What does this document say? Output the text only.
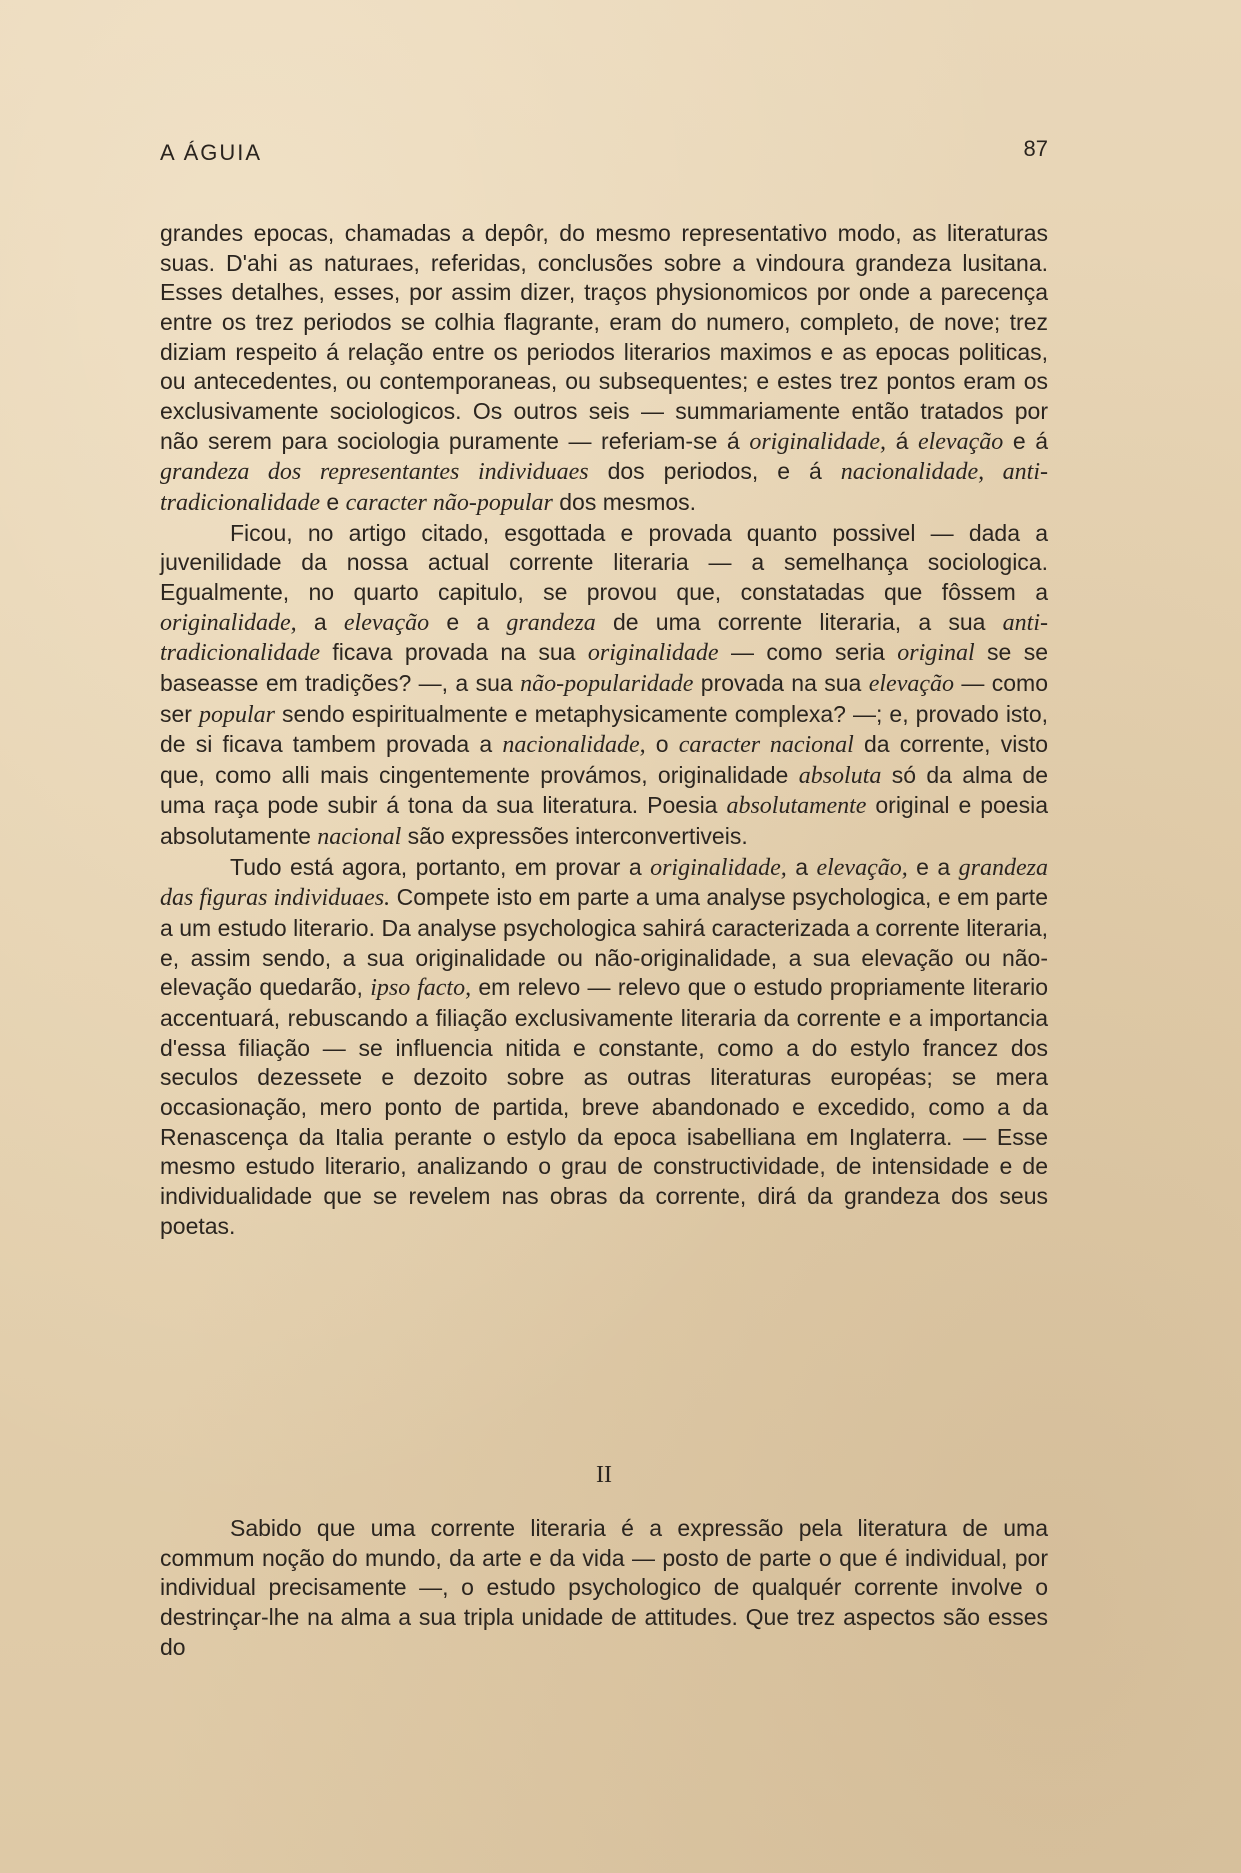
A ÁGUIA	87

grandes epocas, chamadas a depôr, do mesmo representativo modo, as literaturas suas. D'ahi as naturaes, referidas, conclusões sobre a vindoura grandeza lusitana. Esses detalhes, esses, por assim dizer, traços physionomicos por onde a parecença entre os trez periodos se colhia flagrante, eram do numero, completo, de nove; trez diziam respeito á relação entre os periodos literarios maximos e as epocas politicas, ou antecedentes, ou contemporaneas, ou subsequentes; e estes trez pontos eram os exclusivamente sociologicos. Os outros seis — summariamente então tratados por não serem para sociologia puramente — referiam-se á originalidade, á elevação e á grandeza dos representantes individuaes dos periodos, e á nacionalidade, anti-tradicionalidade e caracter não-popular dos mesmos.

Ficou, no artigo citado, esgottada e provada quanto possivel — dada a juvenilidade da nossa actual corrente literaria — a semelhança sociologica. Egualmente, no quarto capitulo, se provou que, constatadas que fôssem a originalidade, a elevação e a grandeza de uma corrente literaria, a sua anti-tradicionalidade ficava provada na sua originalidade — como seria original se se baseasse em tradições? —, a sua não-popularidade provada na sua elevação — como ser popular sendo espiritualmente e metaphysicamente complexa? —; e, provado isto, de si ficava tambem provada a nacionalidade, o caracter nacional da corrente, visto que, como alli mais cingentemente provámos, originalidade absoluta só da alma de uma raça pode subir á tona da sua literatura. Poesia absolutamente original e poesia absolutamente nacional são expressões interconvertiveis.

Tudo está agora, portanto, em provar a originalidade, a elevação, e a grandeza das figuras individuaes. Compete isto em parte a uma analyse psychologica, e em parte a um estudo literario. Da analyse psychologica sahirá caracterizada a corrente literaria, e, assim sendo, a sua originalidade ou não-originalidade, a sua elevação ou não-elevação quedarão, ipso facto, em relevo — relevo que o estudo propriamente literario accentuará, rebuscando a filiação exclusivamente literaria da corrente e a importancia d'essa filiação — se influencia nitida e constante, como a do estylo francez dos seculos dezessete e dezoito sobre as outras literaturas européas; se mera occasionação, mero ponto de partida, breve abandonado e excedido, como a da Renascença da Italia perante o estylo da epoca isabelliana em Inglaterra. — Esse mesmo estudo literario, analizando o grau de constructividade, de intensidade e de individualidade que se revelem nas obras da corrente, dirá da grandeza dos seus poetas.

II

Sabido que uma corrente literaria é a expressão pela literatura de uma commum noção do mundo, da arte e da vida — posto de parte o que é individual, por individual precisamente —, o estudo psychologico de qualquér corrente involve o destrinçar-lhe na alma a sua tripla unidade de attitudes. Que trez aspectos são esses do
